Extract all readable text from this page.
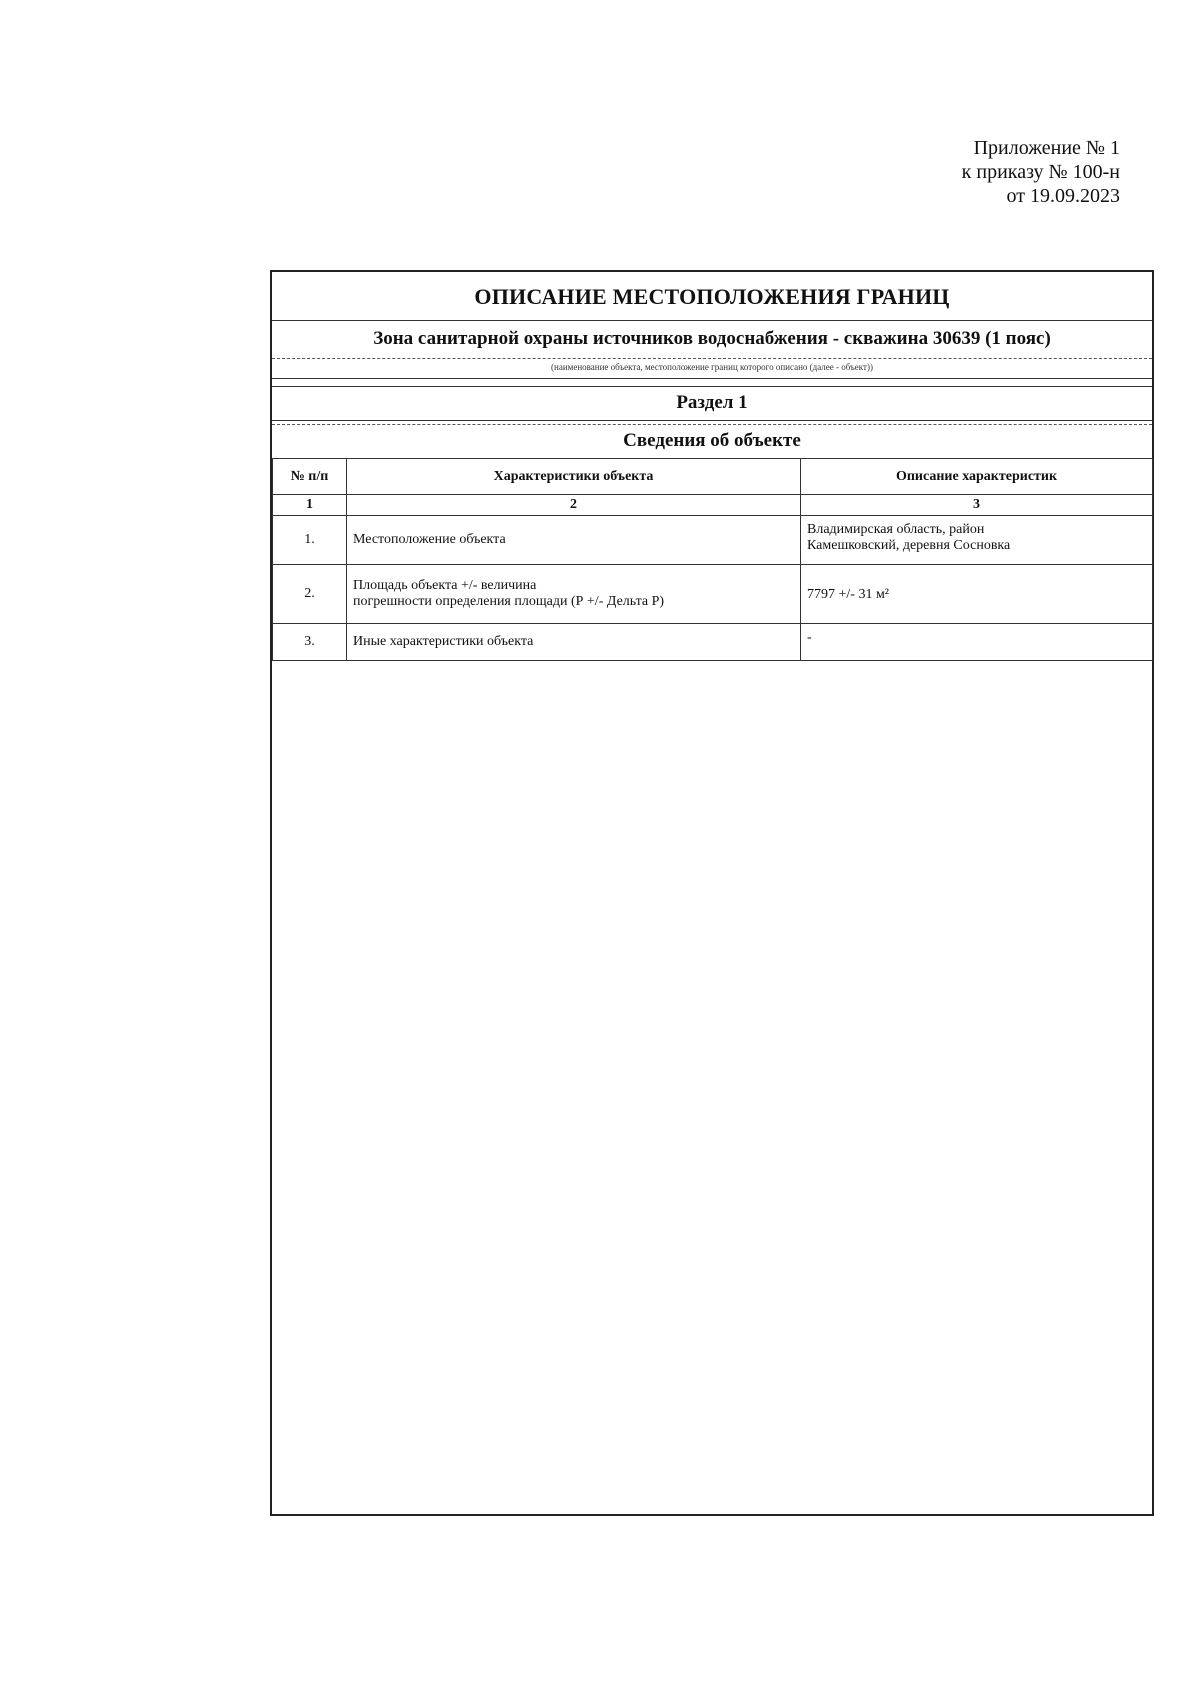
Приложение № 1
к приказу № 100-н
от 19.09.2023
ОПИСАНИЕ МЕСТОПОЛОЖЕНИЯ ГРАНИЦ
Зона санитарной охраны источников водоснабжения - скважина 30639 (1 пояс)
(наименование объекта, местоположение границ которого описано (далее - объект))
Раздел 1
Сведения об объекте
№ п/п	Характеристики объекта	Описание характеристик
1	2	3
1.	Местоположение объекта	Владимирская область, район
Камешковский, деревня Сосновка

2.	Площадь объекта +/- величина
погрешности определения площади (Р +/- Дельта Р)	7797 +/- 31 м²
3.	Иные характеристики объекта	-
